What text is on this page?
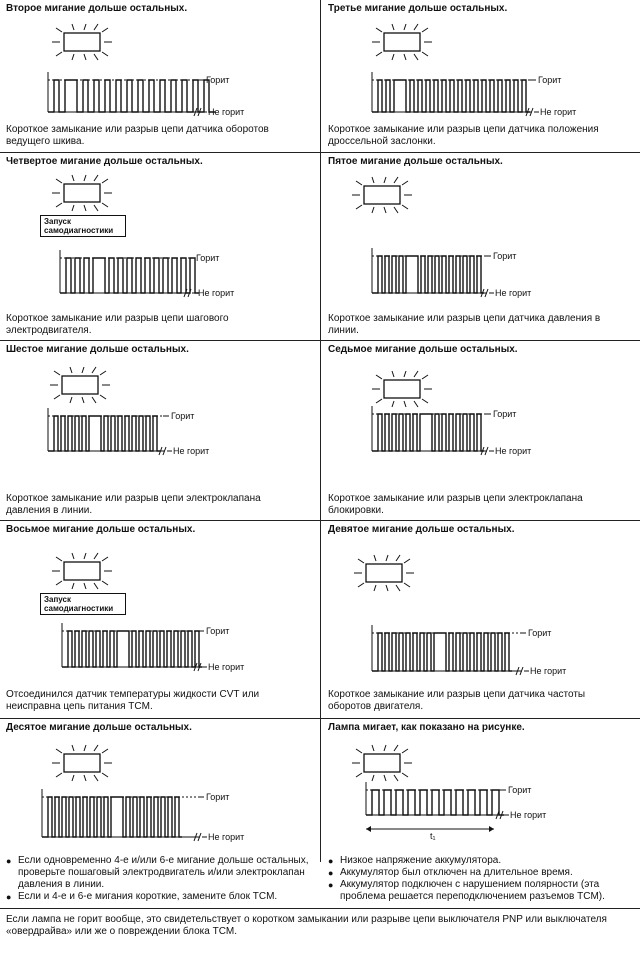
Второе мигание дольше остальных.
Горит
Не горит
Короткое замыкание или разрыв цепи датчика оборотов ведущего шкива.
Третье мигание дольше остальных.
Горит
Не горит
Короткое замыкание или разрыв цепи датчика положения дроссельной заслонки.
Четвертое мигание дольше остальных.
Горит
Не горит
Запуск самодиагностики
Короткое замыкание или разрыв цепи шагового электродвигателя.
Пятое мигание дольше остальных.
Горит
Не горит
Короткое замыкание или разрыв цепи датчика давления в линии.
Шестое мигание дольше остальных.
Горит
Не горит
Короткое замыкание или разрыв цепи электроклапана давления в линии.
Седьмое мигание дольше остальных.
Горит
Не горит
Короткое замыкание или разрыв цепи электроклапана блокировки.
Восьмое мигание дольше остальных.
Горит
Не горит
Запуск самодиагностики
Отсоединился датчик температуры жидкости CVT или неисправна цепь питания TCM.
Девятое мигание дольше остальных.
Горит
Не горит
Короткое замыкание или разрыв цепи датчика частоты оборотов двигателя.
Десятое мигание дольше остальных.
Горит
Не горит
● Если одновременно 4-е и/или 6-е мигание дольше остальных, проверьте пошаговый электродвигатель и/или электроклапан давления в линии.
● Если и 4-е и 6-е мигания короткие, замените блок TCM.
Лампа мигает, как показано на рисунке.
Горит
Не горит
t₁
● Низкое напряжение аккумулятора.
● Аккумулятор был отключен на длительное время.
● Аккумулятор подключен с нарушением полярности (эта проблема решается переподключением разъемов TCM).
Если лампа не горит вообще, это свидетельствует о коротком замыкании или разрыве цепи выключателя PNP или выключателя «овердрайва» или же о повреждении блока TCM.
